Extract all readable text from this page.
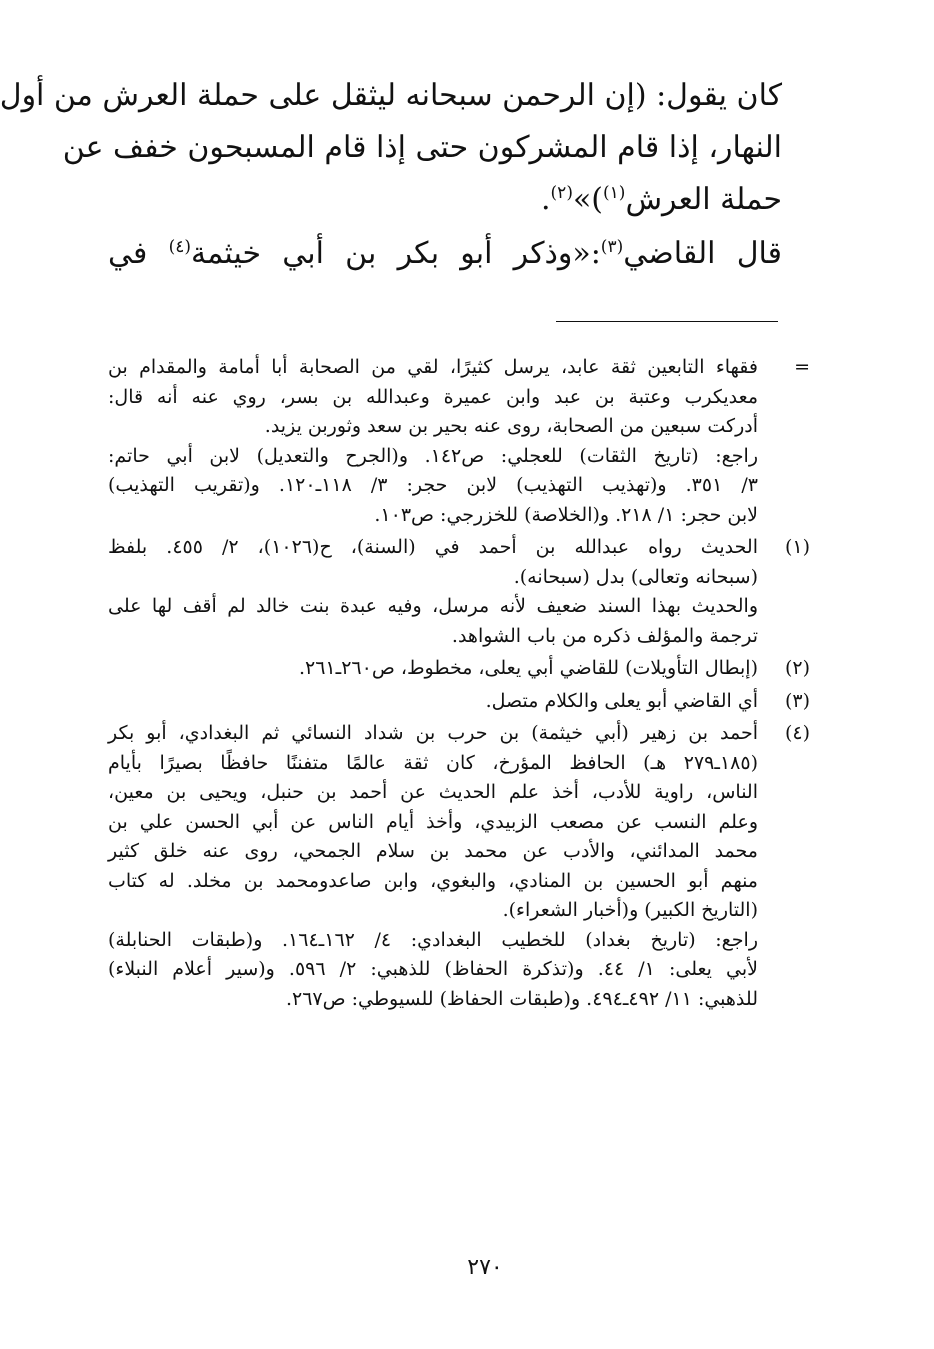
كان يقول: (إن الرحمن سبحانه ليثقل على حملة العرش من أول
النهار، إذا قام المشركون حتى إذا قام المسبحون خفف عن
حملة العرش$^{(١)}$)»$^{(٢)}$.
قال القاضي$^{(٣)}$:«وذكر أبو بكر بن أبي خيثمة$^{(٤)}$ في
=
فقهاء التابعين ثقة عابد، يرسل كثيرًا، لقي من الصحابة أبا أمامة والمقدام بن
معديكرب وعتبة بن عبد وابن عميرة وعبدالله بن بسر، روي عنه أنه قال:
أدركت سبعين من الصحابة، روى عنه بحير بن سعد وثوربن يزيد.
راجع: (تاريخ الثقات) للعجلي: ص١٤٢. و(الجرح والتعديل) لابن أبي حاتم:
٣/ ٣٥١. و(تهذيب التهذيب) لابن حجر: ٣/ ١١٨ـ١٢٠. و(تقريب التهذيب)
لابن حجر: ١/ ٢١٨. و(الخلاصة) للخزرجي: ص١٠٣.
(١)
الحديث رواه عبدالله بن أحمد في (السنة)، ح(١٠٢٦)، ٢/ ٤٥٥. بلفظ
(سبحانه وتعالى) بدل (سبحانه).
والحديث بهذا السند ضعيف لأنه مرسل، وفيه عبدة بنت خالد لم أقف لها على
ترجمة والمؤلف ذكره من باب الشواهد.
(٢)
(إبطال التأويلات) للقاضي أبي يعلى، مخطوط، ص٢٦٠ـ٢٦١.
(٣)
أي القاضي أبو يعلى والكلام متصل.
(٤)
أحمد بن زهير (أبي خيثمة) بن حرب بن شداد النسائي ثم البغدادي، أبو بكر
(١٨٥ـ٢٧٩ هـ) الحافظ المؤرخ، كان ثقة عالمًا متفننًا حافظًا بصيرًا بأيام
الناس، راوية للأدب، أخذ علم الحديث عن أحمد بن حنبل، ويحيى بن معين،
وعلم النسب عن مصعب الزبيدي، وأخذ أيام الناس عن أبي الحسن علي بن
محمد المدائني، والأدب عن محمد بن سلام الجمحي، روى عنه خلق كثير
منهم أبو الحسين بن المنادي، والبغوي، وابن صاعدومحمد بن مخلد. له كتاب
(التاريخ الكبير) و(أخبار الشعراء).
راجع: (تاريخ بغداد) للخطيب البغدادي: ٤/ ١٦٢ـ١٦٤. و(طبقات الحنابلة)
لأبي يعلى: ١/ ٤٤. و(تذكرة الحفاظ) للذهبي: ٢/ ٥٩٦. و(سير أعلام النبلاء)
للذهبي: ١١/ ٤٩٢ـ٤٩٤. و(طبقات الحفاظ) للسيوطي: ص٢٦٧.
٢٧٠
